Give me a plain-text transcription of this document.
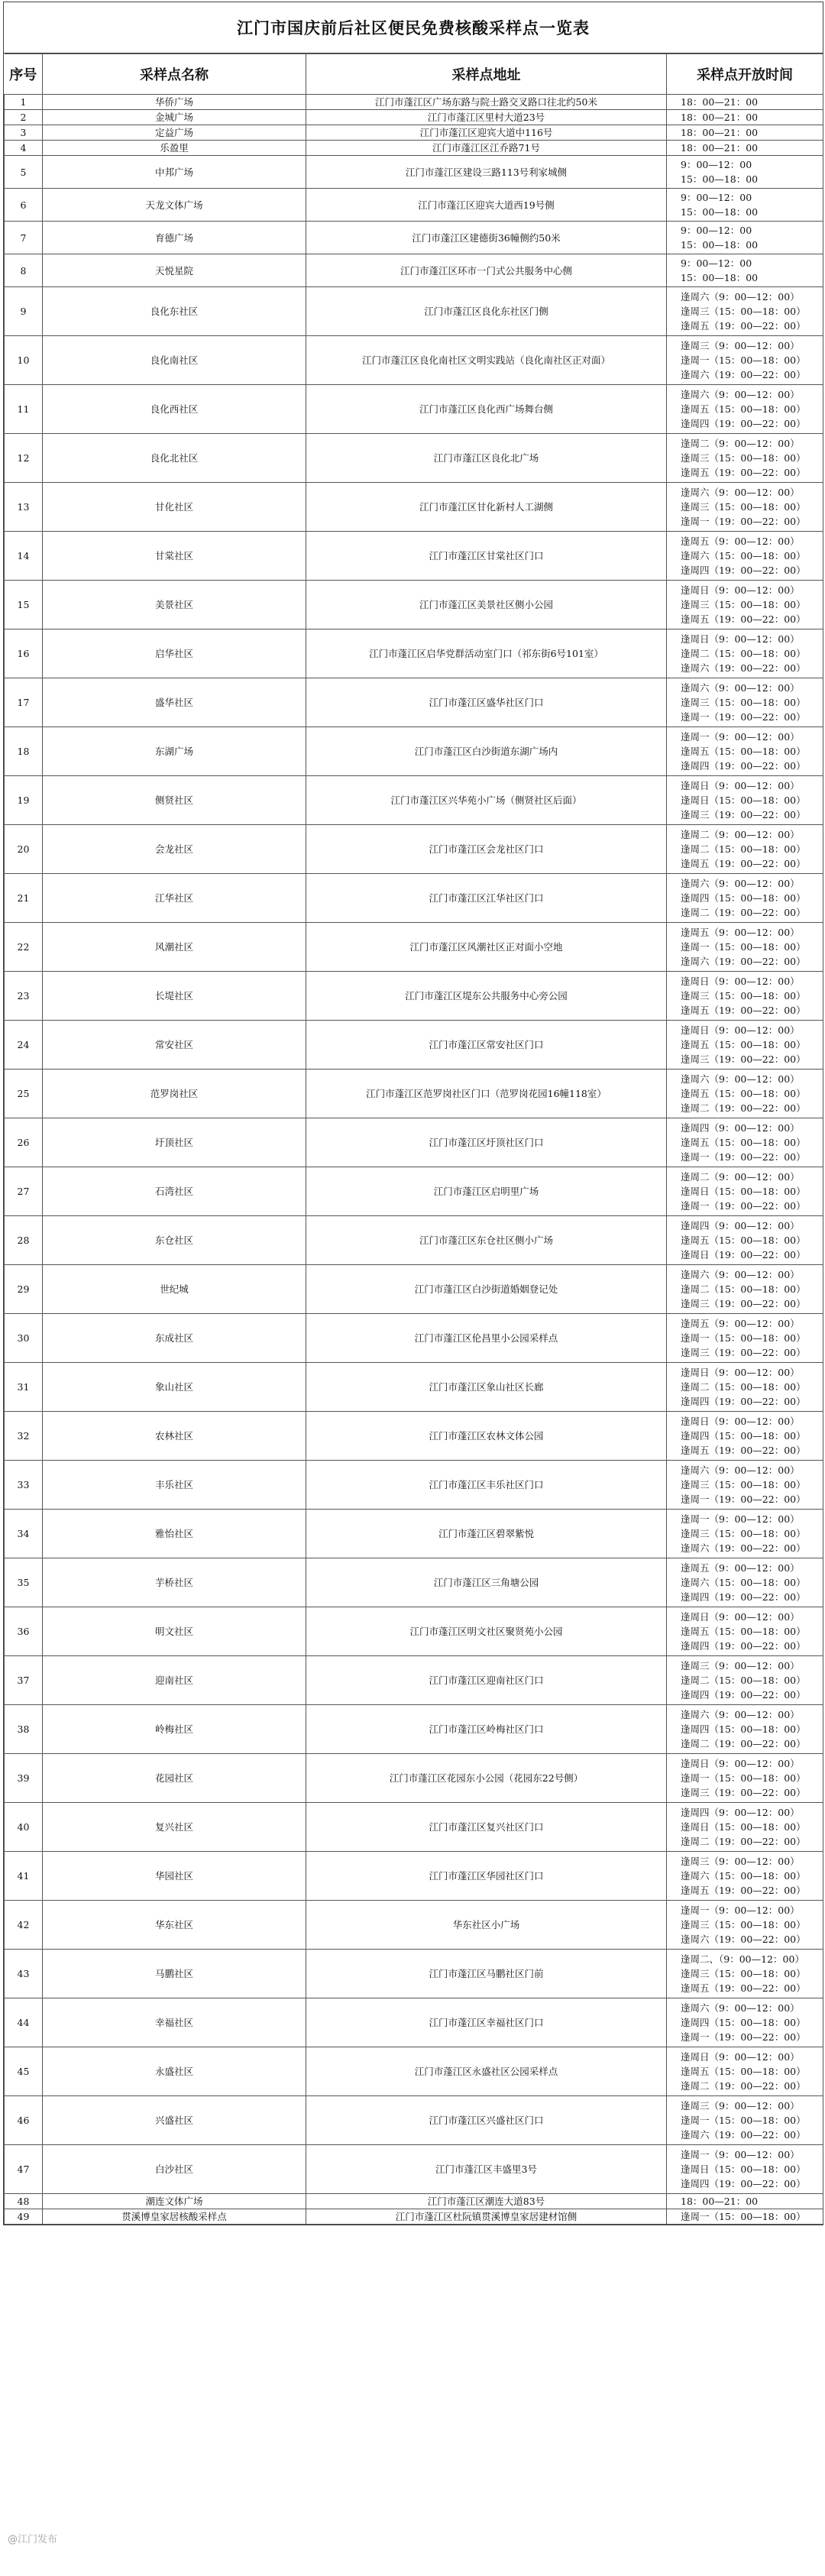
江门市国庆前后社区便民免费核酸采样点一览表
序号	采样点名称	采样点地址	采样点开放时间
1	华侨广场	江门市蓬江区广场东路与院士路交叉路口往北约50米	18：00—21：00

2	金城广场	江门市蓬江区里村大道23号	18：00—21：00

3	定益广场	江门市蓬江区迎宾大道中116号	18：00—21：00

4	乐盈里	江门市蓬江区江乔路71号	18：00—21：00

5	中邦广场	江门市蓬江区建设三路113号利家城侧	9：00—12：00
15：00—18：00

6	天龙文体广场	江门市蓬江区迎宾大道西19号侧	9：00—12：00
15：00—18：00

7	育德广场	江门市蓬江区建德街36幢侧约50米	9：00—12：00
15：00—18：00

8	天悦星院	江门市蓬江区环市一门式公共服务中心侧	9：00—12：00
15：00—18：00

9	良化东社区	江门市蓬江区良化东社区门侧	逢周六（9：00—12：00）
逢周三（15：00—18：00）
逢周五（19：00—22：00）

10	良化南社区	江门市蓬江区良化南社区文明实践站（良化南社区正对面）	逢周三（9：00—12：00）
逢周一（15：00—18：00）
逢周六（19：00—22：00）

11	良化西社区	江门市蓬江区良化西广场舞台侧	逢周六（9：00—12：00）
逢周五（15：00—18：00）
逢周四（19：00—22：00）

12	良化北社区	江门市蓬江区良化北广场	逢周二（9：00—12：00）
逢周三（15：00—18：00）
逢周五（19：00—22：00）

13	甘化社区	江门市蓬江区甘化新村人工湖侧	逢周六（9：00—12：00）
逢周三（15：00—18：00）
逢周一（19：00—22：00）

14	甘棠社区	江门市蓬江区甘棠社区门口	逢周五（9：00—12：00）
逢周六（15：00—18：00）
逢周四（19：00—22：00）

15	美景社区	江门市蓬江区美景社区侧小公园	逢周日（9：00—12：00）
逢周三（15：00—18：00）
逢周五（19：00—22：00）

16	启华社区	江门市蓬江区启华党群活动室门口（祁东街6号101室）	逢周日（9：00—12：00）
逢周二（15：00—18：00）
逢周六（19：00—22：00）

17	盛华社区	江门市蓬江区盛华社区门口	逢周六（9：00—12：00）
逢周三（15：00—18：00）
逢周一（19：00—22：00）

18	东湖广场	江门市蓬江区白沙街道东湖广场内	逢周一（9：00—12：00）
逢周五（15：00—18：00）
逢周四（19：00—22：00）

19	侧贤社区	江门市蓬江区兴华苑小广场（侧贤社区后面）	逢周日（9：00—12：00）
逢周日（15：00—18：00）
逢周三（19：00—22：00）

20	会龙社区	江门市蓬江区会龙社区门口	逢周二（9：00—12：00）
逢周二（15：00—18：00）
逢周五（19：00—22：00）

21	江华社区	江门市蓬江区江华社区门口	逢周六（9：00—12：00）
逢周四（15：00—18：00）
逢周二（19：00—22：00）

22	风潮社区	江门市蓬江区风潮社区正对面小空地	逢周五（9：00—12：00）
逢周一（15：00—18：00）
逢周六（19：00—22：00）

23	长堤社区	江门市蓬江区堤东公共服务中心旁公园	逢周日（9：00—12：00）
逢周三（15：00—18：00）
逢周五（19：00—22：00）

24	常安社区	江门市蓬江区常安社区门口	逢周日（9：00—12：00）
逢周五（15：00—18：00）
逢周三（19：00—22：00）

25	范罗岗社区	江门市蓬江区范罗岗社区门口（范罗岗花园16幢118室）	逢周六（9：00—12：00）
逢周五（15：00—18：00）
逢周二（19：00—22：00）

26	圩顶社区	江门市蓬江区圩顶社区门口	逢周四（9：00—12：00）
逢周五（15：00—18：00）
逢周一（19：00—22：00）

27	石湾社区	江门市蓬江区启明里广场	逢周二（9：00—12：00）
逢周日（15：00—18：00）
逢周一（19：00—22：00）

28	东仓社区	江门市蓬江区东仓社区侧小广场	逢周四（9：00—12：00）
逢周五（15：00—18：00）
逢周日（19：00—22：00）

29	世纪城	江门市蓬江区白沙街道婚姻登记处	逢周六（9：00—12：00）
逢周二（15：00—18：00）
逢周三（19：00—22：00）

30	东成社区	江门市蓬江区伦昌里小公园采样点	逢周五（9：00—12：00）
逢周一（15：00—18：00）
逢周三（19：00—22：00）

31	象山社区	江门市蓬江区象山社区长廊	逢周日（9：00—12：00）
逢周二（15：00—18：00）
逢周四（19：00—22：00）

32	农林社区	江门市蓬江区农林文体公园	逢周日（9：00—12：00）
逢周四（15：00—18：00）
逢周五（19：00—22：00）

33	丰乐社区	江门市蓬江区丰乐社区门口	逢周六（9：00—12：00）
逢周三（15：00—18：00）
逢周一（19：00—22：00）

34	雅怡社区	江门市蓬江区碧翠紫悦	逢周一（9：00—12：00）
逢周三（15：00—18：00）
逢周六（19：00—22：00）

35	芋桥社区	江门市蓬江区三角塘公园	逢周五（9：00—12：00）
逢周六（15：00—18：00）
逢周四（19：00—22：00）

36	明文社区	江门市蓬江区明文社区聚贤苑小公园	逢周日（9：00—12：00）
逢周五（15：00—18：00）
逢周四（19：00—22：00）

37	迎南社区	江门市蓬江区迎南社区门口	逢周三（9：00—12：00）
逢周二（15：00—18：00）
逢周四（19：00—22：00）

38	岭梅社区	江门市蓬江区岭梅社区门口	逢周六（9：00—12：00）
逢周四（15：00—18：00）
逢周二（19：00—22：00）

39	花园社区	江门市蓬江区花园东小公园（花园东22号侧）	逢周日（9：00—12：00）
逢周一（15：00—18：00）
逢周三（19：00—22：00）

40	复兴社区	江门市蓬江区复兴社区门口	逢周四（9：00—12：00）
逢周日（15：00—18：00）
逢周二（19：00—22：00）

41	华园社区	江门市蓬江区华园社区门口	逢周三（9：00—12：00）
逢周六（15：00—18：00）
逢周五（19：00—22：00）

42	华东社区	华东社区小广场	逢周一（9：00—12：00）
逢周三（15：00—18：00）
逢周六（19：00—22：00）

43	马鹏社区	江门市蓬江区马鹏社区门前	逢周二、（9：00—12：00）
逢周三（15：00—18：00）
逢周五（19：00—22：00）

44	幸福社区	江门市蓬江区幸福社区门口	逢周六（9：00—12：00）
逢周四（15：00—18：00）
逢周一（19：00—22：00）

45	永盛社区	江门市蓬江区永盛社区公园采样点	逢周日（9：00—12：00）
逢周五（15：00—18：00）
逢周二（19：00—22：00）

46	兴盛社区	江门市蓬江区兴盛社区门口	逢周三（9：00—12：00）
逢周一（15：00—18：00）
逢周六（19：00—22：00）

47	白沙社区	江门市蓬江区丰盛里3号	逢周一（9：00—12：00）
逢周日（15：00—18：00）
逢周四（19：00—22：00）

48	潮连文体广场	江门市蓬江区潮连大道83号	18：00—21：00

49	贯溪博皇家居核酸采样点	江门市蓬江区杜阮镇贯溪博皇家居建材馆侧	逢周一（15：00—18：00）
@江门发布
